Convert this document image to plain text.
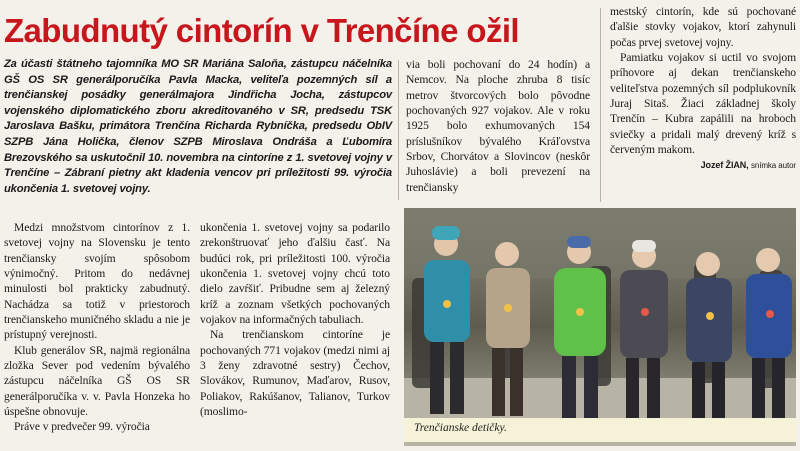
Zabudnutý cintorín v Trenčíne ožil
Za účasti štátneho tajomníka MO SR Mariána Saloňa, zástupcu náčelníka GŠ OS SR generálporučíka Pavla Macka, veliteľa pozemných síl a trenčianskej posádky generálmajora Jindřicha Jocha, zástupcov vojenského diplomatického zboru akreditovaného v SR, predsedu TSK Jaroslava Bašku, primátora Trenčína Richarda Rybníčka, predsedu ObIV SZPB Jána Holička, členov SZPB Miroslava Ondráša a Ľubomíra Brezovského sa uskutočnil 10. novembra na cintoríne z 1. svetovej vojny v Trenčíne – Zábraní pietny akt kladenia vencov pri príležitosti 99. výročia ukončenia 1. svetovej vojny.

Medzi množstvom cintorínov z 1. svetovej vojny na Slovensku je tento trenčiansky svojím spôsobom výnimočný. Pritom do nedávnej minulosti bol prakticky zabudnutý. Nachádza sa totiž v priestoroch trenčianskeho muničného skladu a nie je prístupný verejnosti.

Klub generálov SR, najmä regionálna zložka Sever pod vedením bývalého zástupcu náčelníka GŠ OS SR generálporučíka v. v. Pavla Honzeka ho úspešne obnovuje.

Práve v predvečer 99. výročia

ukončenia 1. svetovej vojny sa podarilo zrekonštruovať jeho ďalšiu časť. Na budúci rok, pri príležitosti 100. výročia ukončenia 1. svetovej vojny chcú toto dielo zavŕšiť. Pribudne sem aj železný kríž a zoznam všetkých pochovaných vojakov na informačných tabuliach.

Na trenčianskom cintoríne je pochovaných 771 vojakov (medzi nimi aj 3 ženy zdravotné sestry) Čechov, Slovákov, Rumunov, Maďarov, Rusov, Poliakov, Rakúšanov, Talianov, Turkov (moslimo-

via boli pochovaní do 24 hodín) a Nemcov. Na ploche zhruba 8 tisíc metrov štvorcových bolo pôvodne pochovaných 927 vojakov. Ale v roku 1925 bolo exhumovaných 154 príslušníkov bývalého Kráľovstva Srbov, Chorvátov a Slovincov (neskôr Juhoslávie) a boli prevezení na trenčiansky

mestský cintorín, kde sú pochované ďalšie stovky vojakov, ktorí zahynuli počas prvej svetovej vojny.

Pamiatku vojakov si uctil vo svojom príhovore aj dekan trenčianskeho veliteľstva pozemných síl podplukovník Juraj Sitaš. Žiaci základnej školy Trenčín – Kubra zapálili na hroboch sviečky a pridali malý drevený kríž s červeným makom.

Jozef ŽIAN, snímka autor

Trenčianske detičky.
